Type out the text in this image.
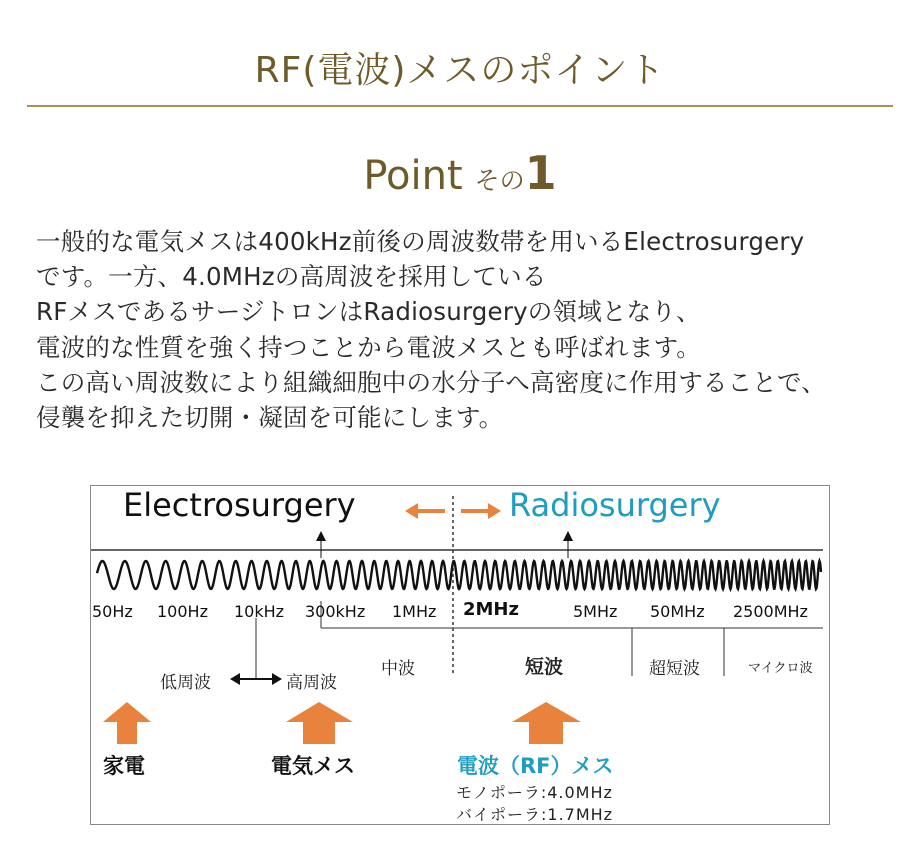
RF(電波)メスのポイント
Point その1
一般的な電気メスは400kHz前後の周波数帯を用いるElectrosurgery
です。一方、4.0MHzの高周波を採用している
RFメスであるサージトロンはRadiosurgeryの領域となり、
電波的な性質を強く持つことから電波メスとも呼ばれます。
この高い周波数により組織細胞中の水分子へ高密度に作用することで、
侵襲を抑えた切開・凝固を可能にします。
Electrosurgery	Radiosurgery
50Hz 100Hz 10kHz 300kHz 1MHz 2MHz	5MHz 50MHz 2500MHz
中波	短波	超短波	マイクロ波
低周波	高周波
家電	電気メス	電波（RF）メス
モノポーラ:4.0MHz
バイポーラ:1.7MHz
